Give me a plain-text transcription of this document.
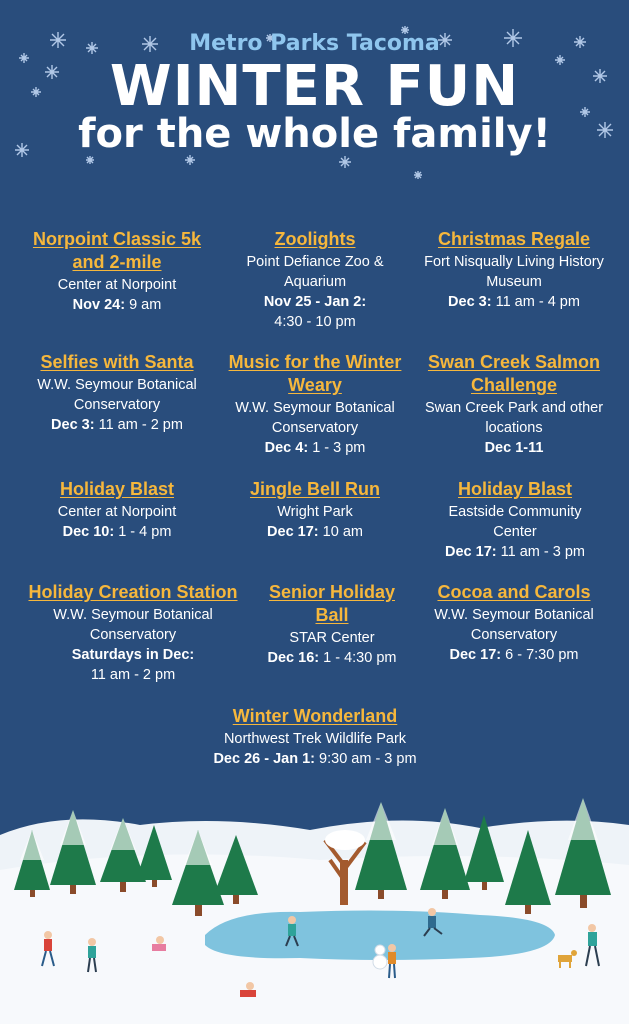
Metro Parks Tacoma
WINTER FUN
for the whole family!
Norpoint Classic 5k and 2-mile
Center at Norpoint
Nov 24: 9 am
Zoolights
Point Defiance Zoo & Aquarium
Nov 25 - Jan 2:
4:30 - 10 pm
Christmas Regale
Fort Nisqually Living History Museum
Dec 3: 11 am - 4 pm
Selfies with Santa
W.W. Seymour Botanical Conservatory
Dec 3: 11 am - 2 pm
Music for the Winter Weary
W.W. Seymour Botanical Conservatory
Dec 4: 1 - 3 pm
Swan Creek Salmon Challenge
Swan Creek Park and other locations
Dec 1-11
Holiday Blast
Center at Norpoint
Dec 10: 1 - 4 pm
Jingle Bell Run
Wright Park
Dec 17: 10 am
Holiday Blast
Eastside Community Center
Dec 17: 11 am - 3 pm
Holiday Creation Station
W.W. Seymour Botanical Conservatory
Saturdays in Dec:
11 am - 2 pm
Senior Holiday Ball
STAR Center
Dec 16: 1 - 4:30 pm
Cocoa and Carols
W.W. Seymour Botanical Conservatory
Dec 17: 6 - 7:30 pm
Winter Wonderland
Northwest Trek Wildlife Park
Dec 26 - Jan 1: 9:30 am - 3 pm
